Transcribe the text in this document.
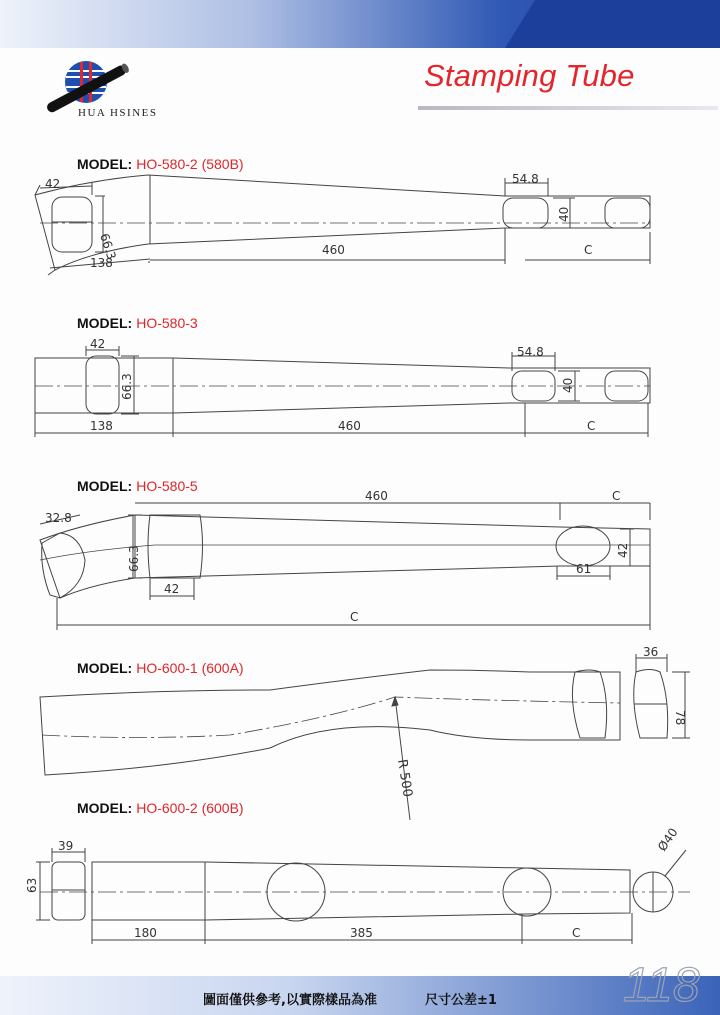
HUA HSINES
Stamping Tube
MODEL: HO-580-2 (580B)
MODEL: HO-580-3
MODEL: HO-580-5
MODEL: HO-600-1 (600A)
MODEL: HO-600-2 (600B)
42
66.3
138
460
54.8
40
C
42
66.3
138	460
54.8
40
C
32.8
66.3
42
460	C
42
61
C
36
78
R 500
39
63
180	385	C
Ø40
圖面僅供參考,以實際樣品為准	尺寸公差±1	118
